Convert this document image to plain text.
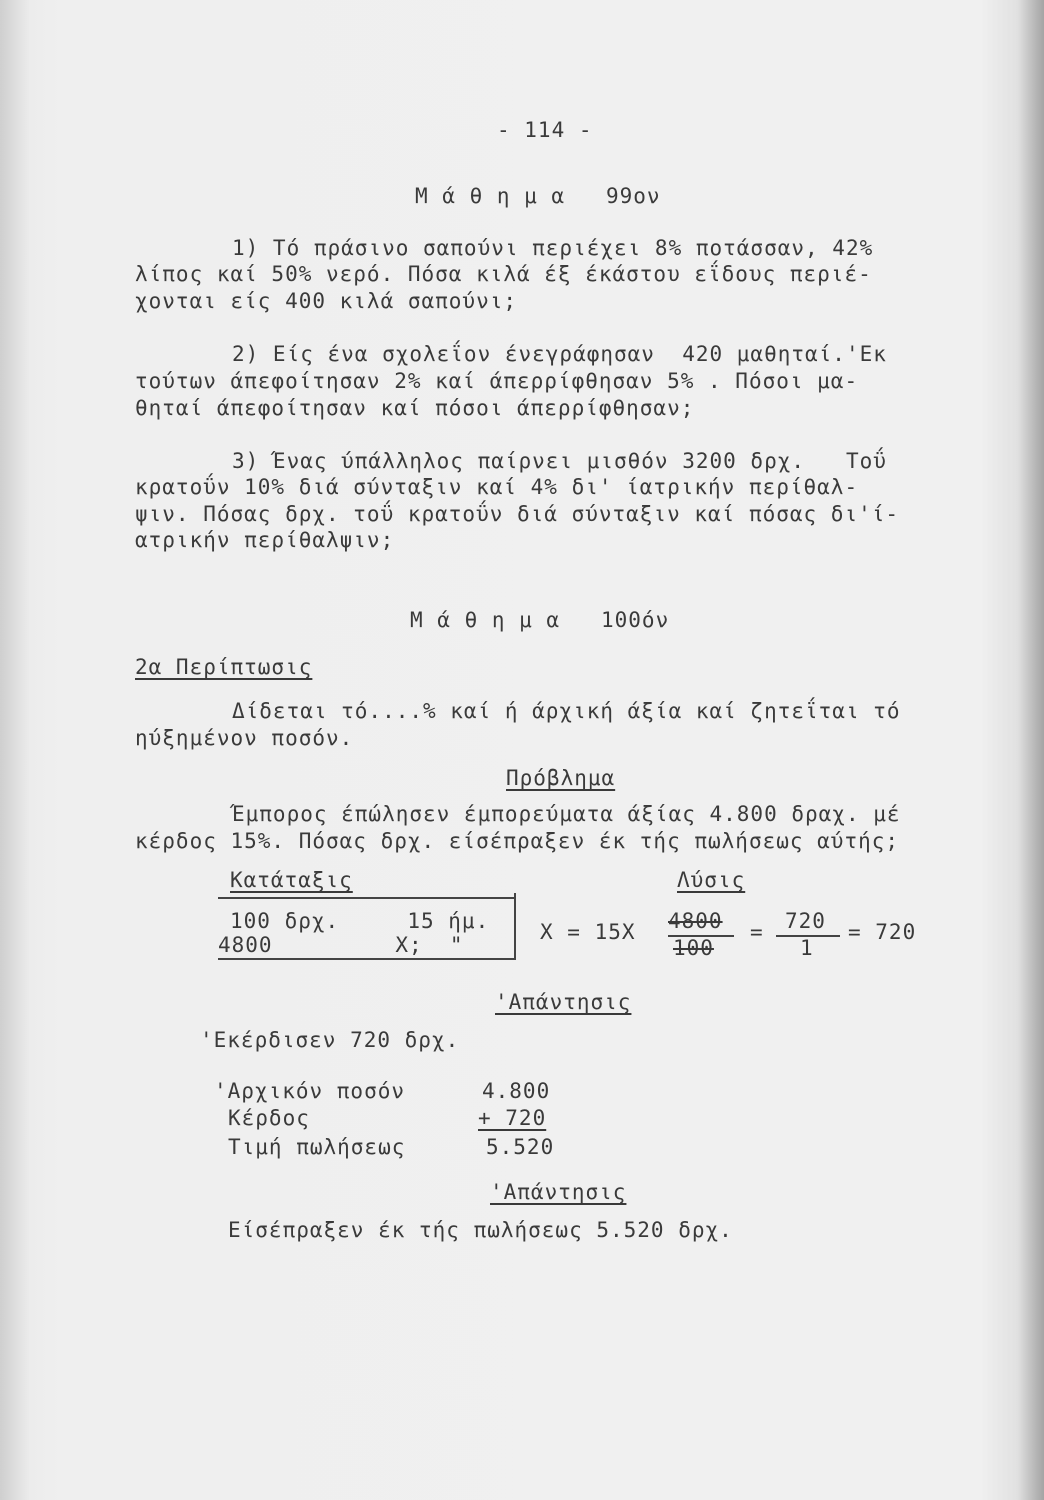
- 114 -
Μ ά θ η μ α   99ον
1) Τό πράσινο σαπούνι περιέχει 8% ποτάσσαν, 42%
λίπος καί 50% νερό. Πόσα κιλά έξ έκάστου εΐδους περιέ-
χονται είς 400 κιλά σαπούνι;
2) Είς ένα σχολεΐον ένεγράφησαν  420 μαθηταί.'Εκ
τούτων άπεφοίτησαν 2% καί άπερρίφθησαν 5% . Πόσοι μα-
θηταί άπεφοίτησαν καί πόσοι άπερρίφθησαν;
3) Ένας ύπάλληλος παίρνει μισθόν 3200 δρχ.   Τοΰ
κρατοΰν 10% διά σύνταξιν καί 4% δι' ίατρικήν περίθαλ-
ψιν. Πόσας δρχ. τοΰ κρατοΰν διά σύνταξιν καί πόσας δι'ί-
ατρικήν περίθαλψιν;
Μ ά θ η μ α   100όν
2α Περίπτωσις
Δίδεται τό....% καί ή άρχική άξία καί ζητεΐται τό
ηύξημένον ποσόν.
Πρόβλημα
Έμπορος έπώλησεν έμπορεύματα άξίας 4.800 δραχ. μέ
κέρδος 15%. Πόσας δρχ. είσέπραξεν έκ τής πωλήσεως αύτής;
Κατάταξις
100 δρχ.     15 ήμ.
4800         X;  "
Λύσις
X = 15X 4800
100
= 720
1
= 720
'Απάντησις
'Εκέρδισεν 720 δρχ.
'Αρχικόν ποσόν	4.800
Κέρδος	+ 720
Τιμή πωλήσεως	5.520
'Απάντησις
Είσέπραξεν έκ τής πωλήσεως 5.520 δρχ.
